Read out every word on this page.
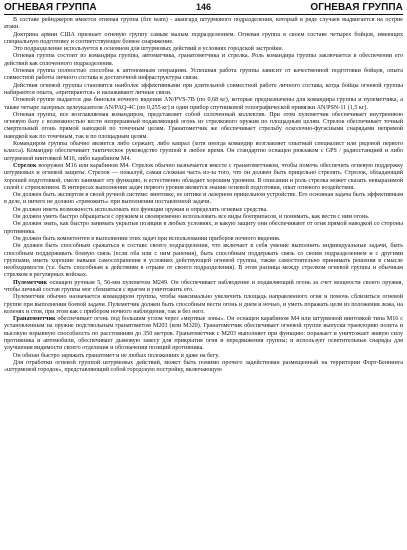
ОГНЕВАЯ ГРУППА	146	ОГНЕВАЯ ГРУППА

В составе рейнджеров имеется огневая группа (fire team) - авангард штурмового подразделения, который в ряде случаев выдвигается на острие атаки.

Доктрина армии США признает огневую группу самым малым подразделением. Огневая группа в своем составе четырех бойцов, имеющих специальную подготовку и соответствующее боевое снаряжение.

Это подразделение используется в основном для штурмовых действий в условиях городской застройки.

Огневая группа состоит из командира группы, автоматчика, гранатометчика и стрелка. Роль командира группы заключается в обеспечении его действий как сплоченного подразделения.

Огневая группа полностью способна к автономным операциям. Успешная работа группы зависит от качественной подготовки бойцов, опыта совместной работы личного состава и достаточной инфраструктуры связи.

Действия огневой группы становятся наиболее эффективными при длительной совместной работе личного состава, когда бойцы огневой группы набираются опыта, «притираются» и налаживают личные связи.

Огневой группе выдается два бинокля ночного видения AN/PVS-7B (по 0,68 кг), которые предназначены для командира группы и пулеметчика, а также четыре лазерных целеуказателя AN/PAQ-4C (по 0,255 кг) и один прибор спутниковой топографической привязки AN/PSN-11 (1,5 кг).

Огневая группа, все возглавляемая командиром, представляет собой сплоченный коллектив. При этом пулеметчик обеспечивает внутреннюю огневую базу с возможностью вести непрерывный подавляющий огонь из стрелкового оружия по площадным целям. Стрелок обеспечивает точный смертельный огонь прямой наводкой по точечным целям. Гранатометчик же обеспечивает стрельбу осколочно-фугасными снарядами непрямой наводкой как по точечным, так и по площадным целям.

Командиром группы обычно является либо сержант, либо капрал (хотя иногда командир возглавляет опытный специалист или рядовой первого класса). Командир обеспечивает тактическое руководство группой в любое время. Он стандартно оснащен рюкзаком с GPS / радиостанцией и либо штурмовой винтовкой M16, либо карабином M4.

Стрелок вооружен M16 или карабином M4. Стрелок обычно назначается вместе с гранатометчиком, чтобы помочь обеспечить огневую поддержку штурмовых и огневой защиты. Стрелок — пожалуй, самая сложная часть из-за того, что он должен быть прицельно стрелять. Стрелок, обладающий хорошей подготовкой, смело занимает эту функцию, и естественно обладает хорошим уровнем. В описании и роль стрелка может сказать невыразимой силой с стремлением. В интересах выполнения задач первого уровня является знание огневой подготовки, опыт огневого воздействия.

Он должен быть экспертом в своей ручной системе: винтовке, ее оптике и лазерном прицельном устройстве. Его основная задача быть эффективным в деле, и ничего не должно «тревожить» при выполнении поставленной задачи.

Он должен иметь возможность использовать все функции оружия и определять огневые средства.

Он должен уметь быстро обращаться с оружием и своевременно использовать все виды боеприпасов, и понимать, как вести с ним огонь.

Он должен знать, как быстро занимать укрытые позиции в любых условиях, и какую защиту они обеспечивают от огня прямой наводкой со стороны противника.

Он должен быть компетентен в выполнении этих задач при использовании приборов ночного видения.

Он должен быть способным сражаться в составе своего подразделения, что включает в себя умение выполнить индивидуальные задачи, быть способным поддерживать боевую связь (если оба или с ним ранения), быть способным поддержать связь со своим подразделением и с другими группами, иметь хорошие навыки самосохранения в условиях действующей огневой группы, также самостоятельно принимать решения в смысле необходимости (т.е. быть способным к действиям в отрыве от своего подразделения). В этом разница между стрелком огневой группы и обычным стрелком в регулярных войсках.

Пулеметчик оснащен ручным 5, 56-мм пулеметом M249. Он обеспечивает наблюдение и подавляющий огонь за счет мощности своего оружия, чтобы личный состав группы мог сблизиться с врагом и уничтожить его.

Пулеметчик обычно назначается командиром группы, чтобы максимально увеличить площадь направленного огня и помочь сблизиться огневой группе при выполнении боевой задачи. Пулеметчик должен быть способным вести огонь и днем и ночью, и уметь поражать цели из положения лежа, на коленях и стоя, при этом как с прибором ночного наблюдения, так и без него.

Гранатометчик обеспечивает огонь под большим углом через «мертвые зоны». Он оснащен карабином M4 или штурмовой винтовкой типа M16 с установленным на оружие подствольным гранатометом M203 (или M320). Гранатометчик обеспечивает огневой группе выпуски траекторию полета и высокую взрывную способность по расстояниям до 350 метров. Гранатометчик с M203 выполняет при функцию: поражает и уничтожает живую силу противника и автомобили, обеспечивает дымовую завесу для прикрытия огня и передвижения группы; и использует осветительные снаряды для улучшения видимости своего отделения и обозначения позиций противника.

Он обязан быстро заряжать гранатомет и не любых положениях и даже на бегу.

Для отработки огневой группой штурмовых действий, может быть помимо прочего задействован размещенный на территории Форт-Беннинга «штурмовой городок», представляющий собой городскую постройку, включающую
